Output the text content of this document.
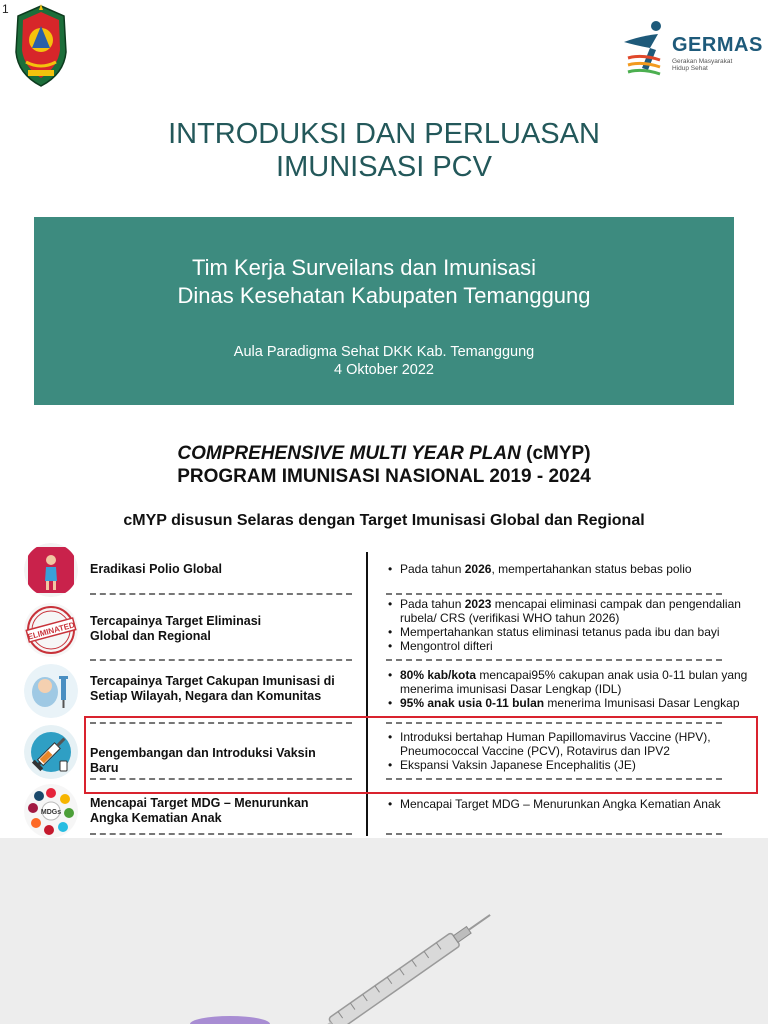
1
GERMAS
Gerakan Masyarakat
Hidup Sehat
INTRODUKSI DAN PERLUASAN
IMUNISASI PCV
Tim Kerja Surveilans dan Imunisasi
Dinas Kesehatan Kabupaten Temanggung
Aula Paradigma Sehat DKK Kab. Temanggung
4 Oktober 2022
COMPREHENSIVE MULTI YEAR PLAN (cMYP)
PROGRAM IMUNISASI NASIONAL 2019 - 2024
cMYP disusun Selaras dengan Target Imunisasi Global dan Regional
Eradikasi Polio Global
•	Pada tahun 2026, mempertahankan status bebas polio
ELIMINATED Tercapainya Target Eliminasi
Global dan Regional
• Pada tahun 2023 mencapai eliminasi campak dan pengendalian rubela/ CRS (verifikasi WHO tahun 2026)
• Mempertahankan status eliminasi tetanus pada ibu dan bayi
• Mengontrol difteri
Tercapainya Target Cakupan Imunisasi di
Setiap Wilayah, Negara dan Komunitas
• 80% kab/kota mencapai95% cakupan anak usia 0-11 bulan yang menerima imunisasi Dasar Lengkap (IDL)
• 95% anak usia 0-11 bulan menerima Imunisasi Dasar Lengkap
Pengembangan dan Introduksi Vaksin
Baru
• Introduksi bertahap Human Papillomavirus Vaccine (HPV), Pneumococcal Vaccine (PCV), Rotavirus dan IPV2
• Ekspansi Vaksin Japanese Encephalitis (JE)
MDGs
Mencapai Target MDG – Menurunkan
Angka Kematian Anak
• Mencapai Target MDG – Menurunkan Angka Kematian Anak
